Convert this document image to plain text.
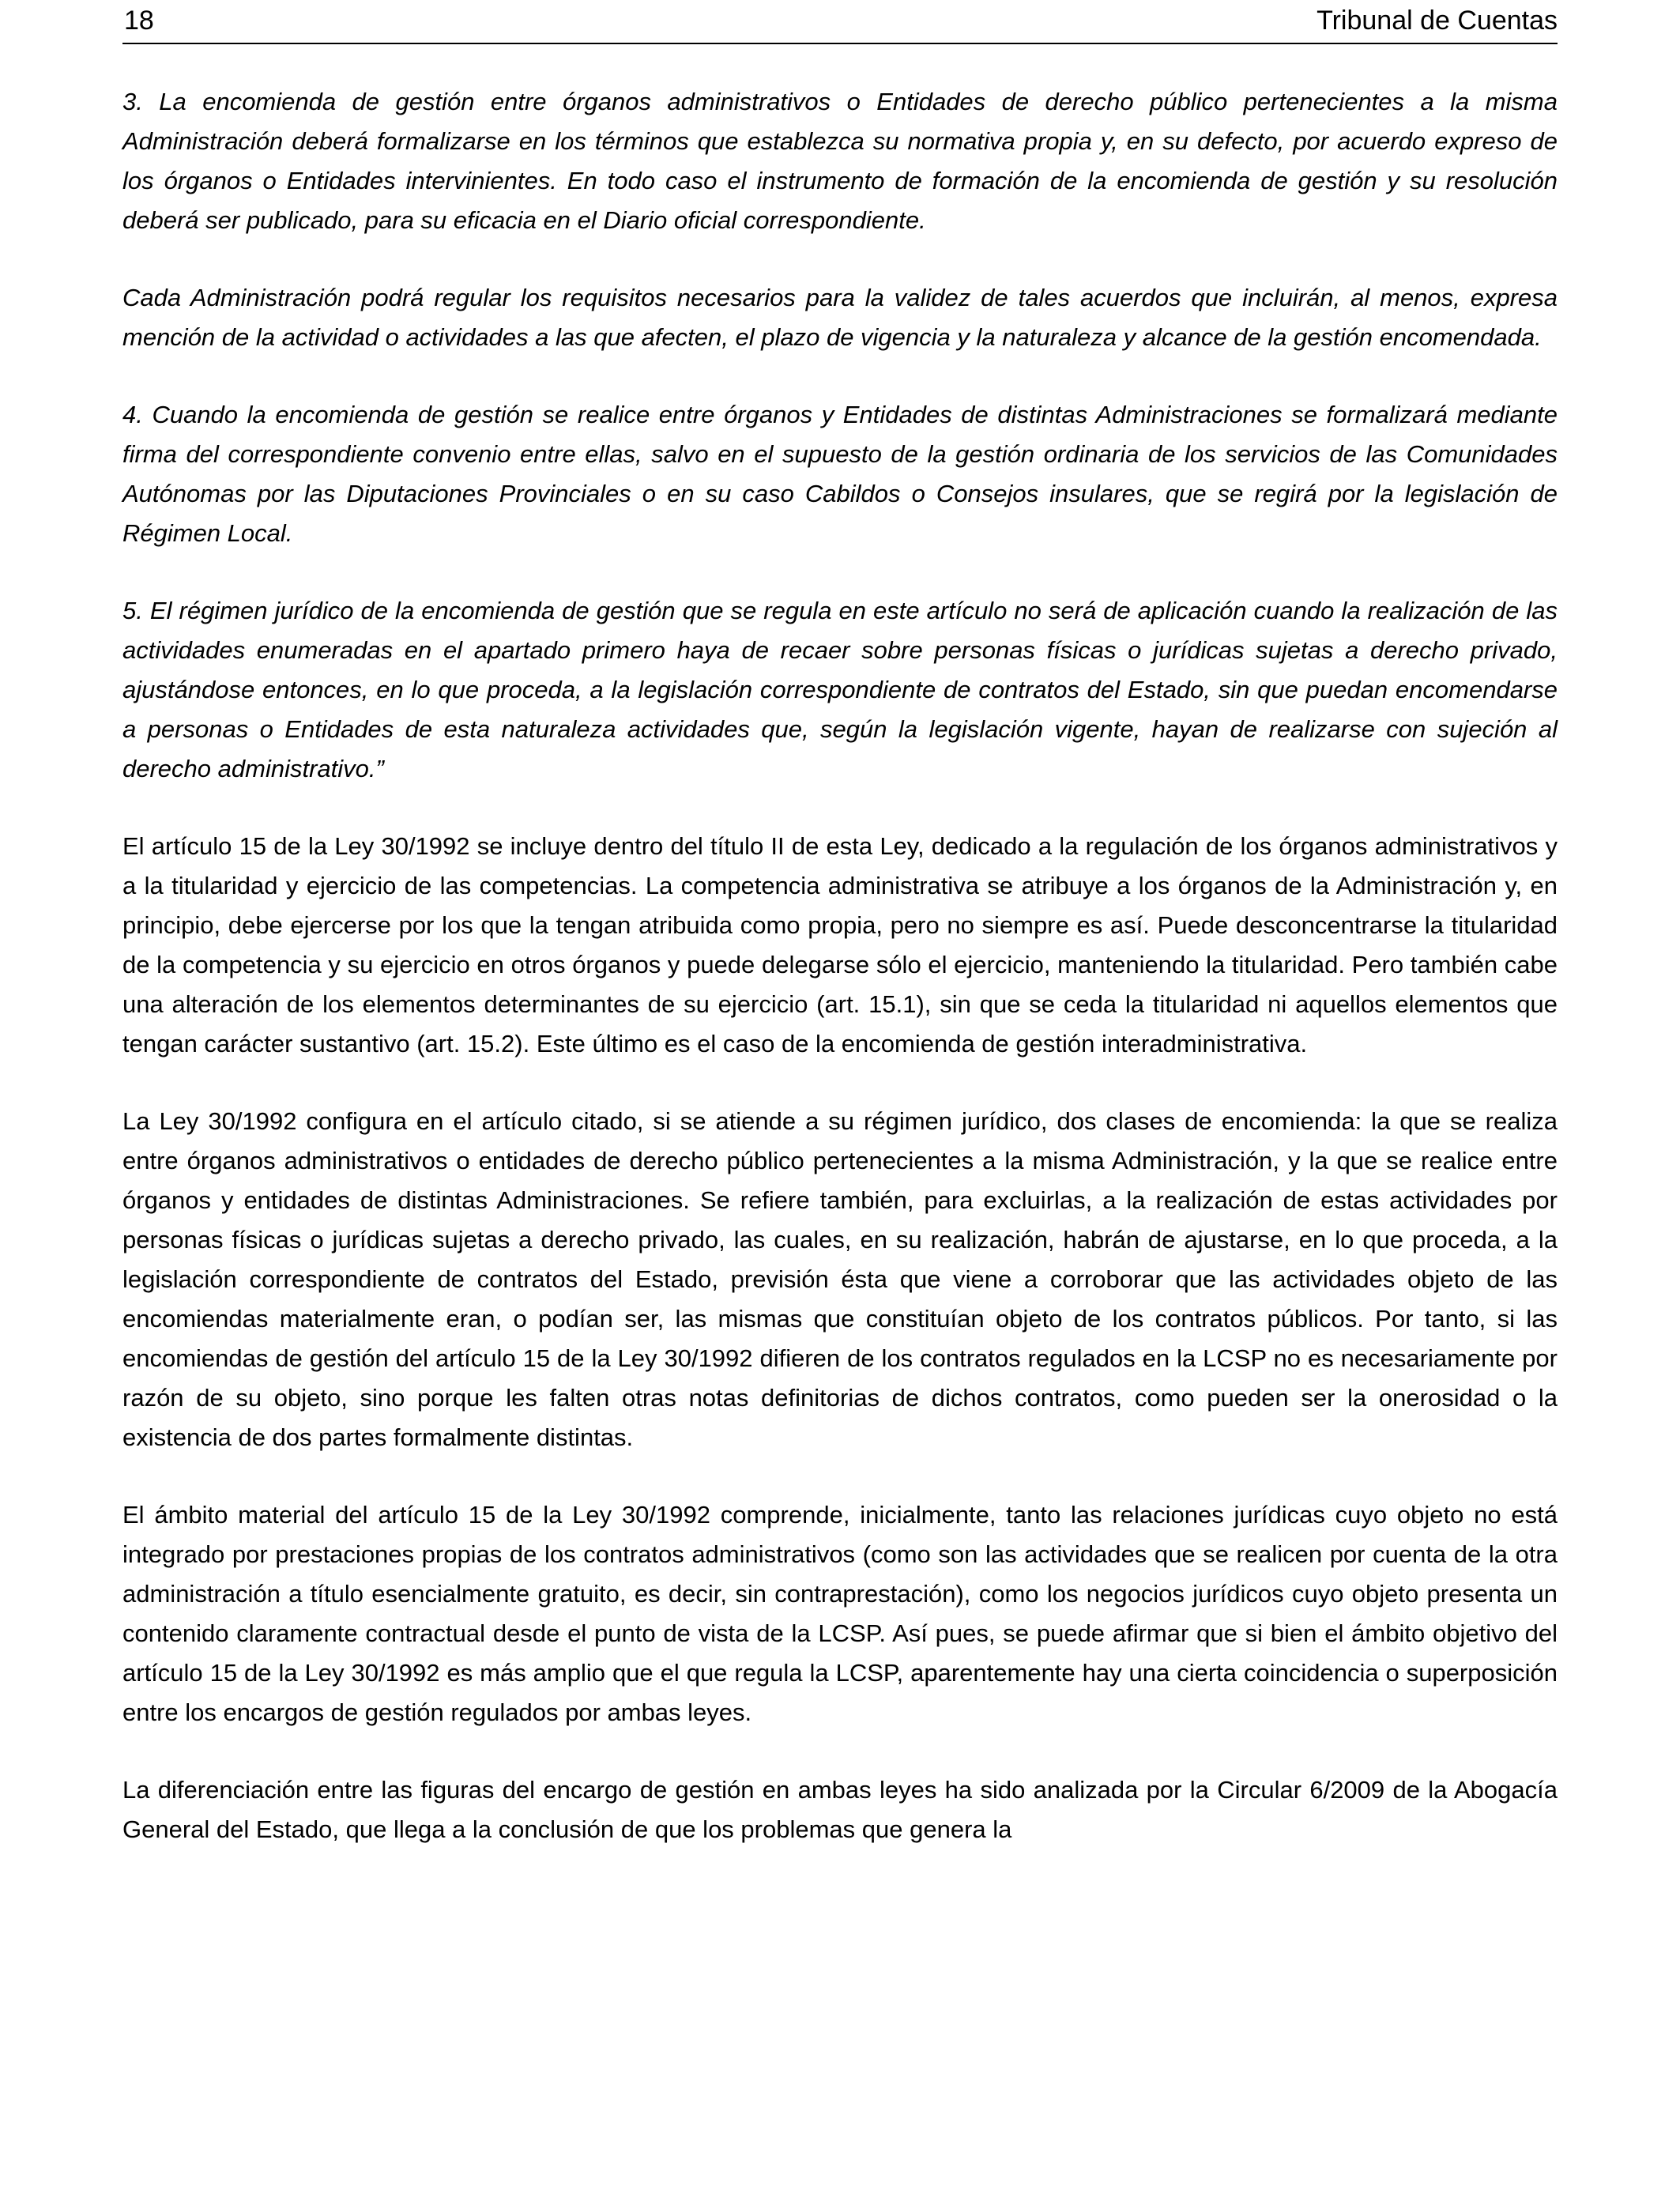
18	Tribunal de Cuentas

3. La encomienda de gestión entre órganos administrativos o Entidades de derecho público pertenecientes a la misma Administración deberá formalizarse en los términos que establezca su normativa propia y, en su defecto, por acuerdo expreso de los órganos o Entidades intervinientes. En todo caso el instrumento de formación de la encomienda de gestión y su resolución deberá ser publicado, para su eficacia en el Diario oficial correspondiente.

Cada Administración podrá regular los requisitos necesarios para la validez de tales acuerdos que incluirán, al menos, expresa mención de la actividad o actividades a las que afecten, el plazo de vigencia y la naturaleza y alcance de la gestión encomendada.

4. Cuando la encomienda de gestión se realice entre órganos y Entidades de distintas Administraciones se formalizará mediante firma del correspondiente convenio entre ellas, salvo en el supuesto de la gestión ordinaria de los servicios de las Comunidades Autónomas por las Diputaciones Provinciales o en su caso Cabildos o Consejos insulares, que se regirá por la legislación de Régimen Local.

5. El régimen jurídico de la encomienda de gestión que se regula en este artículo no será de aplicación cuando la realización de las actividades enumeradas en el apartado primero haya de recaer sobre personas físicas o jurídicas sujetas a derecho privado, ajustándose entonces, en lo que proceda, a la legislación correspondiente de contratos del Estado, sin que puedan encomendarse a personas o Entidades de esta naturaleza actividades que, según la legislación vigente, hayan de realizarse con sujeción al derecho administrativo.”

El artículo 15 de la Ley 30/1992 se incluye dentro del título II de esta Ley, dedicado a la regulación de los órganos administrativos y a la titularidad y ejercicio de las competencias. La competencia administrativa se atribuye a los órganos de la Administración y, en principio, debe ejercerse por los que la tengan atribuida como propia, pero no siempre es así. Puede desconcentrarse la titularidad de la competencia y su ejercicio en otros órganos y puede delegarse sólo el ejercicio, manteniendo la titularidad. Pero también cabe una alteración de los elementos determinantes de su ejercicio (art. 15.1), sin que se ceda la titularidad ni aquellos elementos que tengan carácter sustantivo (art. 15.2). Este último es el caso de la encomienda de gestión interadministrativa.

La Ley 30/1992 configura en el artículo citado, si se atiende a su régimen jurídico, dos clases de encomienda: la que se realiza entre órganos administrativos o entidades de derecho público pertenecientes a la misma Administración, y la que se realice entre órganos y entidades de distintas Administraciones. Se refiere también, para excluirlas, a la realización de estas actividades por personas físicas o jurídicas sujetas a derecho privado, las cuales, en su realización, habrán de ajustarse, en lo que proceda, a la legislación correspondiente de contratos del Estado, previsión ésta que viene a corroborar que las actividades objeto de las encomiendas materialmente eran, o podían ser, las mismas que constituían objeto de los contratos públicos. Por tanto, si las encomiendas de gestión del artículo 15 de la Ley 30/1992 difieren de los contratos regulados en la LCSP no es necesariamente por razón de su objeto, sino porque les falten otras notas definitorias de dichos contratos, como pueden ser la onerosidad o la existencia de dos partes formalmente distintas.

El ámbito material del artículo 15 de la Ley 30/1992 comprende, inicialmente, tanto las relaciones jurídicas cuyo objeto no está integrado por prestaciones propias de los contratos administrativos (como son las actividades que se realicen por cuenta de la otra administración a título esencialmente gratuito, es decir, sin contraprestación), como los negocios jurídicos cuyo objeto presenta un contenido claramente contractual desde el punto de vista de la LCSP. Así pues, se puede afirmar que si bien el ámbito objetivo del artículo 15 de la Ley 30/1992 es más amplio que el que regula la LCSP, aparentemente hay una cierta coincidencia o superposición entre los encargos de gestión regulados por ambas leyes.

La diferenciación entre las figuras del encargo de gestión en ambas leyes ha sido analizada por la Circular 6/2009 de la Abogacía General del Estado, que llega a la conclusión de que los problemas que genera la
